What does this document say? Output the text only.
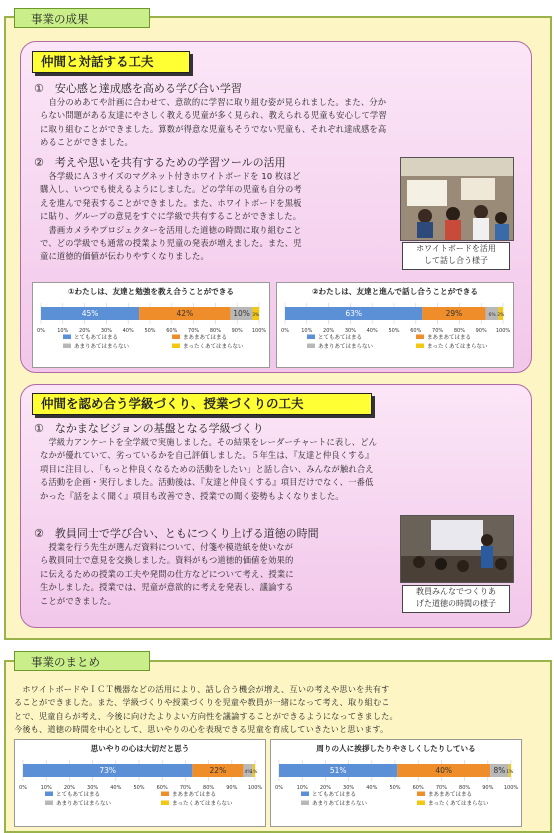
事業の成果
仲間と対話する工夫
①　安心感と達成感を高める学び合い学習
　自分のめあてや計画に合わせて、意欲的に学習に取り組む姿が見られました。また、分か
らない問題がある友達にやさしく教える児童が多く見られ、教えられる児童も安心して学習
に取り組むことができました。算数が得意な児童もそうでない児童も、それぞれ達成感を高
めることができました。
②　考えや思いを共有するための学習ツールの活用
　各学級にＡ３サイズのマグネット付きホワイトボードを 10 枚ほど
購入し、いつでも使えるようにしました。どの学年の児童も自分の考
えを進んで発表することができました。また、ホワイトボードを黒板
に貼り、グループの意見をすぐに学級で共有することができました。
　書画カメラやプロジェクターを活用した道徳の時間に取り組むこと
で、どの学級でも通常の授業より児童の発表が増えました。また、児
童に道徳的価値が伝わりやすくなりました。
ホワイトボードを活用
して話し合う様子
①わたしは、友達と勉強を教え合うことができる
0% 10% 20% 30% 40% 50% 60% 70% 80% 90% 100%
45%	42%	10% 3%
とてもあてはまる	まあまあてはまる
あまりあてはまらない	まったくあてはまらない
②わたしは、友達と進んで話し合うことができる
0% 10% 20% 30% 40% 50% 60% 70% 80% 90% 100%
63%	29%	6% 2%
とてもあてはまる	まあまあてはまる
あまりあてはまらない	まったくあてはまらない
仲間を認め合う学級づくり、授業づくりの工夫
①　なかまなビジョンの基盤となる学級づくり
　学級力アンケートを全学級で実施しました。その結果をレーダーチャートに表し、どん
なかが優れていて、劣っているかを自己評価しました。５年生は、『友達と仲良くする』
項目に注目し、「もっと仲良くなるための活動をしたい」と話し合い、みんなが触れ合え
る活動を企画・実行しました。活動後は、『友達と仲良くする』項目だけでなく、一番低
かった『話をよく聞く』項目も改善でき、授業での聞く姿勢もよくなりました。
②　教員同士で学び合い、ともにつくり上げる道徳の時間
　授業を行う先生が選んだ資料について、付箋や模造紙を使いなが
ら教員同士で意見を交換しました。資料がもつ道徳的価値を効果的
に伝えるための授業の工夫や発問の仕方などについて考え、授業に
生かしました。授業では、児童が意欲的に考えを発表し、議論する
ことができました。
教員みんなでつくりあ
げた道徳の時間の様子
事業のまとめ
　ホワイトボードやＩＣＴ機器などの活用により、話し合う機会が増え、互いの考えや思いを共有す
ることができました。また、学級づくりや授業づくりを児童や教員が一緒になって考え、取り組むこ
とで、児童自らが考え、今後に向けたよりよい方向性を議論することができるようになってきました。
今後も、道徳の時間を中心として、思いやりの心を表現できる児童を育成していきたいと思います。
思いやりの心は大切だと思う
0%	10% 20% 30% 40% 50% 60% 70% 80% 90% 100%
73%	22%	4%
1%
とてもあてはまる	まあまあてはまる
あまりあてはまらない	まったくあてはまらない
周りの人に挨拶したりやさしくしたりしている
0%	10% 20% 30% 40% 50% 60% 70% 80% 90% 100%
51%	40%	8% 1%
とてもあてはまる	まあまあてはまる
あまりあてはまらない	まったくあてはまらない
